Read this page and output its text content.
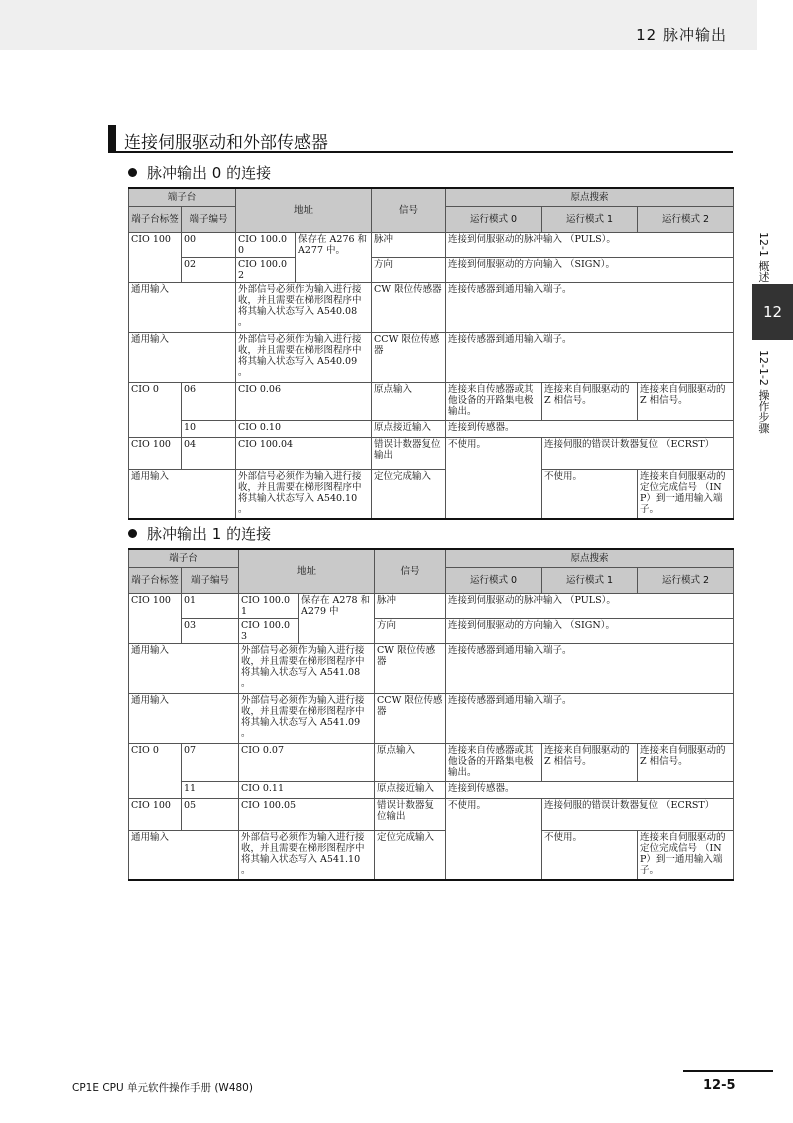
12 脉冲输出
12-1 概述
12
12-1-2 操作步骤
连接伺服驱动和外部传感器
脉冲输出 0 的连接
端子台		地址		信号	原点搜索		
端子台标签	端子编号				运行模式 0	运行模式 1	运行模式 2
CIO 100	00	CIO 100.00	保存在 A276 和 A277 中。	脉冲	连接到伺服驱动的脉冲输入 （PULS）。		
	02	CIO 100.02		方向	连接到伺服驱动的方向输入 （SIGN）。		
通用输入		外部信号必须作为输入进行接收，并且需要在梯形图程序中将其输入状态写入 A540.08 。		CW 限位传感器	连接传感器到通用输入端子。		
通用输入		外部信号必须作为输入进行接收，并且需要在梯形图程序中将其输入状态写入 A540.09 。		CCW 限位传感器	连接传感器到通用输入端子。		
CIO 0	06	CIO 0.06		原点输入	连接来自传感器或其他设备的开路集电极输出。	连接来自伺服驱动的 Z 相信号。	连接来自伺服驱动的 Z 相信号。
	10	CIO 0.10		原点接近输入	连接到传感器。		
CIO 100	04	CIO 100.04		错误计数器复位输出	不使用。	连接伺服的错误计数器复位 （ECRST）	
通用输入		外部信号必须作为输入进行接收，并且需要在梯形图程序中将其输入状态写入 A540.10 。		定位完成输入		不使用。	连接来自伺服驱动的定位完成信号 （INP）到一通用输入端子。
脉冲输出 1 的连接
端子台		地址		信号	原点搜索		
端子台标签	端子编号				运行模式 0	运行模式 1	运行模式 2
CIO 100	01	CIO 100.01	保存在 A278 和 A279 中	脉冲	连接到伺服驱动的脉冲输入 （PULS）。		
	03	CIO 100.03		方向	连接到伺服驱动的方向输入 （SIGN）。		
通用输入		外部信号必须作为输入进行接收，并且需要在梯形图程序中将其输入状态写入 A541.08 。		CW 限位传感器	连接传感器到通用输入端子。		
通用输入		外部信号必须作为输入进行接收，并且需要在梯形图程序中将其输入状态写入 A541.09 。		CCW 限位传感器	连接传感器到通用输入端子。		
CIO 0	07	CIO 0.07		原点输入	连接来自传感器或其他设备的开路集电极输出。	连接来自伺服驱动的 Z 相信号。	连接来自伺服驱动的 Z 相信号。
	11	CIO 0.11		原点接近输入	连接到传感器。		
CIO 100	05	CIO 100.05		错误计数器复位输出	不使用。	连接伺服的错误计数器复位 （ECRST）	
通用输入		外部信号必须作为输入进行接收，并且需要在梯形图程序中将其输入状态写入 A541.10 。		定位完成输入		不使用。	连接来自伺服驱动的定位完成信号 （INP）到一通用输入端子。
CP1E CPU 单元软件操作手册 (W480)	12-5
